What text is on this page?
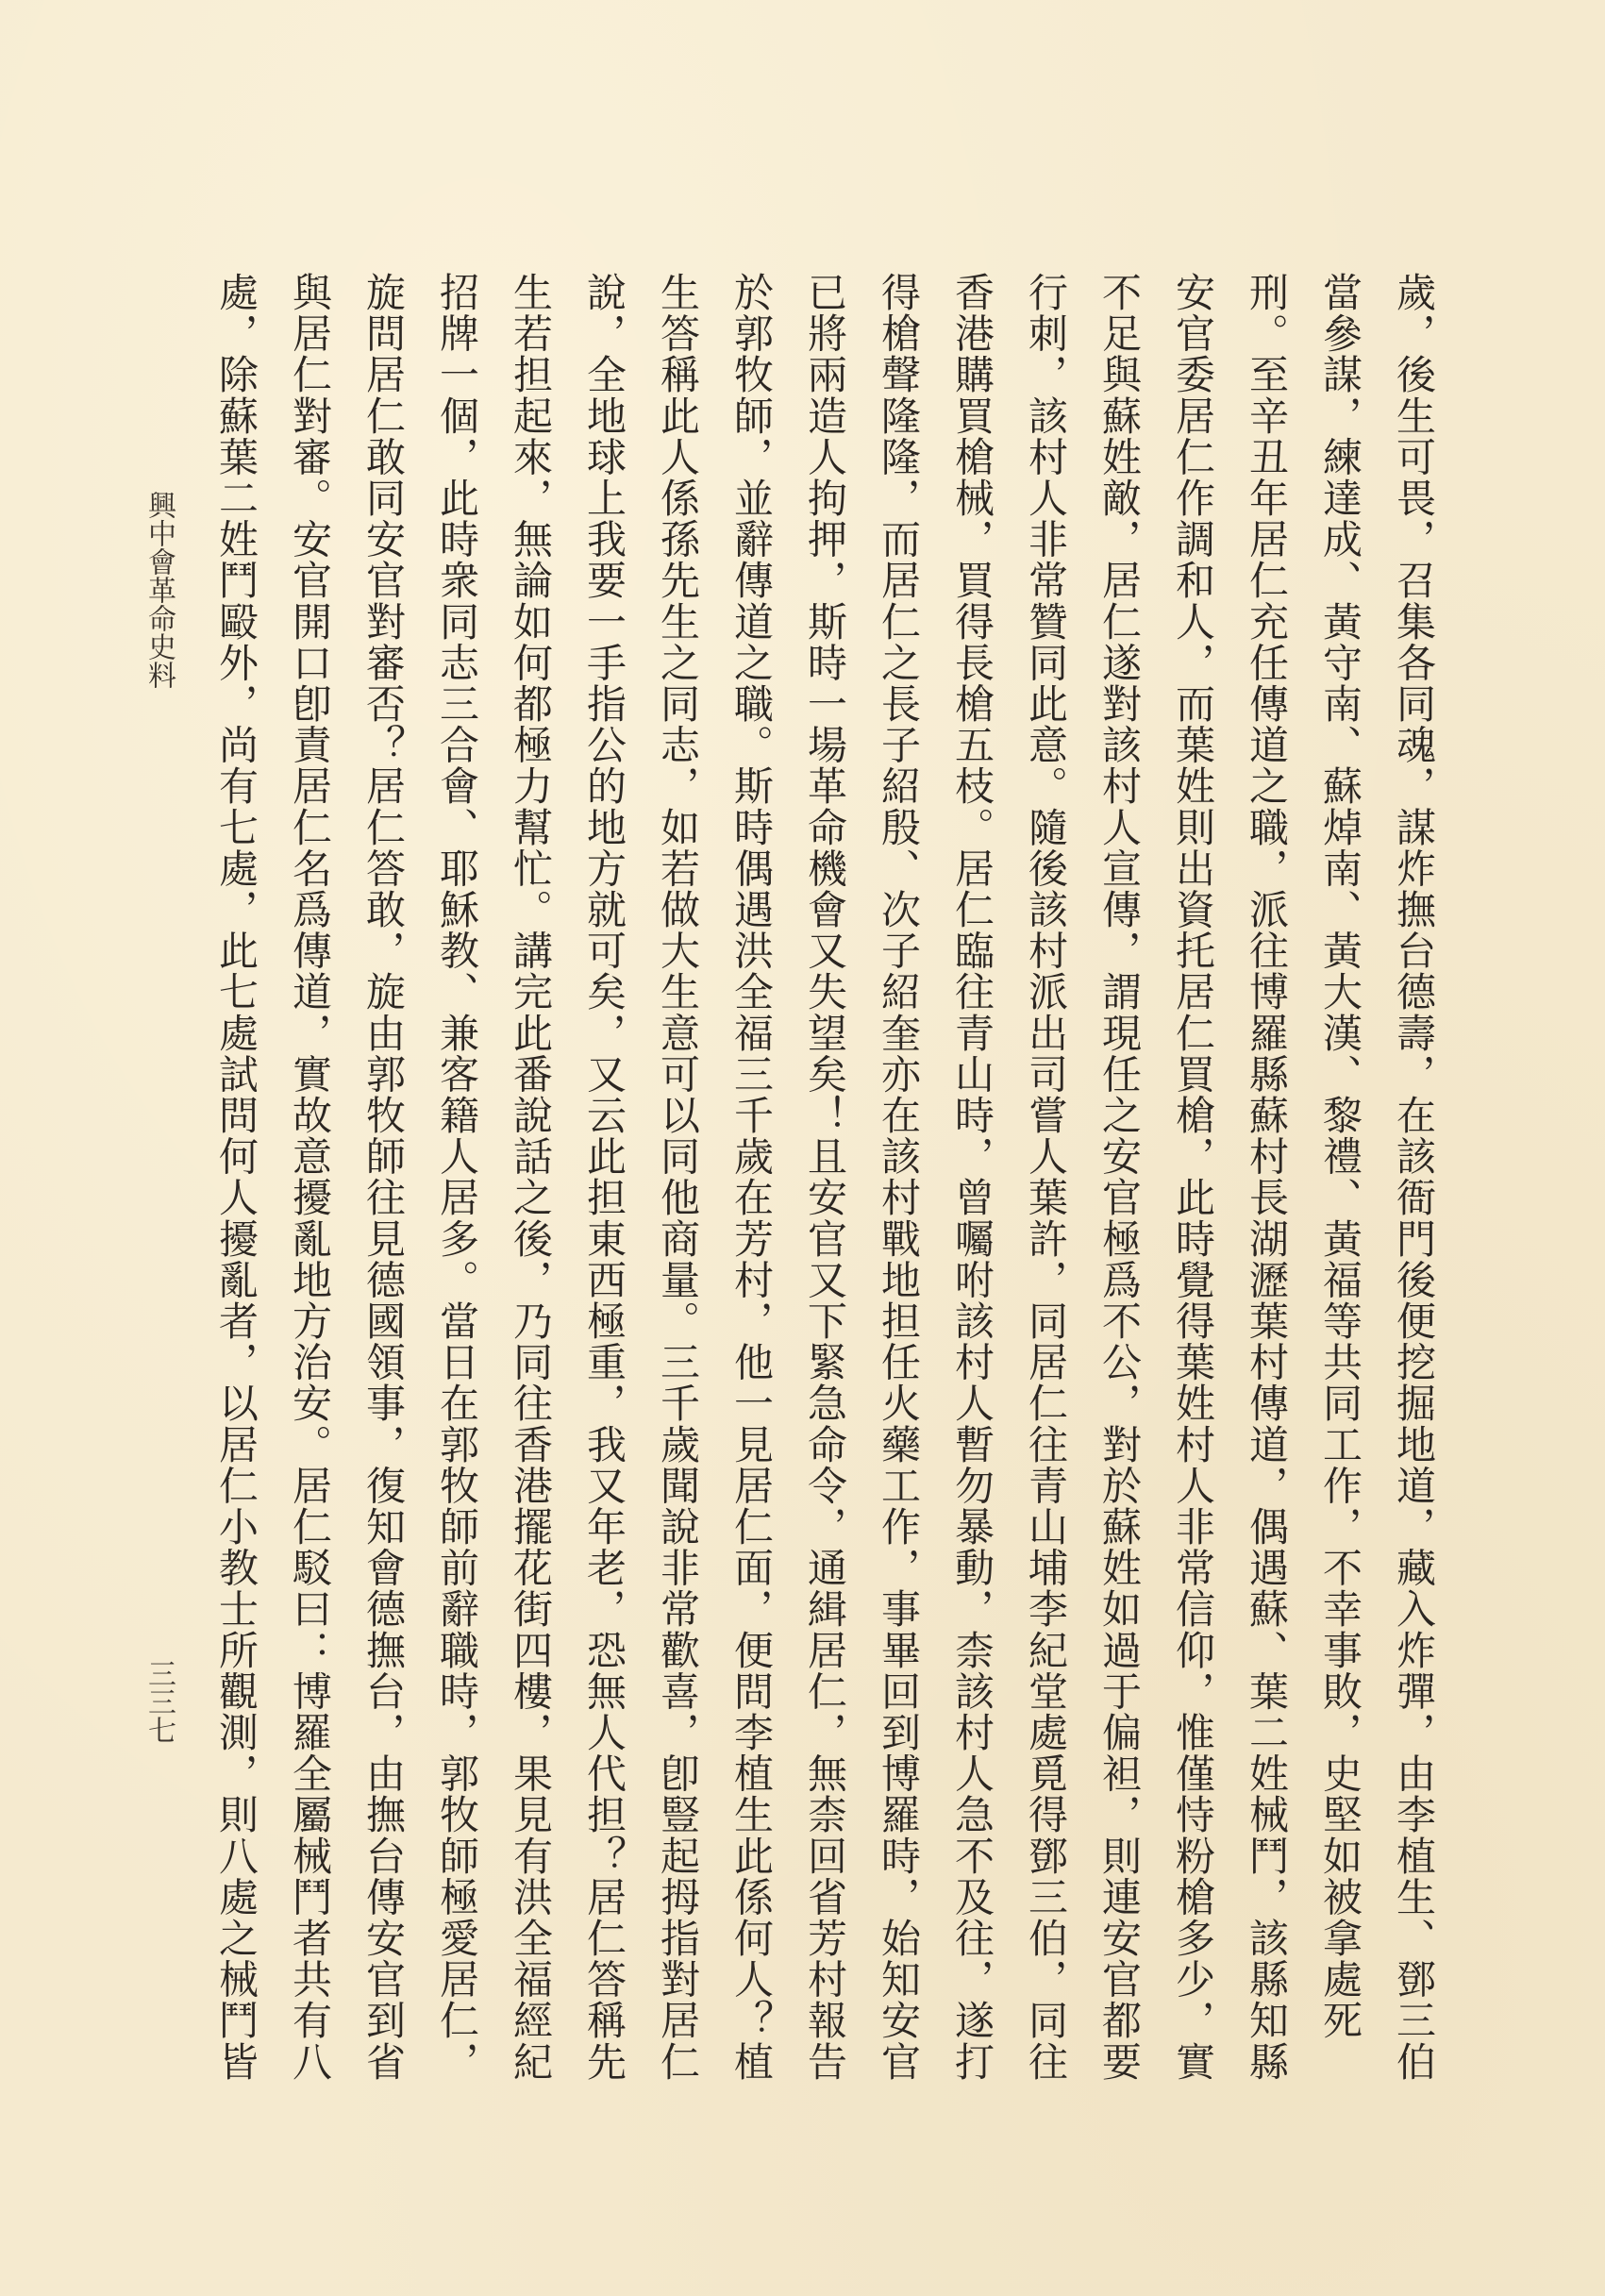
興中會革命史料
三三七	歲，後生可畏，召集各同魂，謀炸撫台德壽，在該衙門後便挖掘地道，藏入炸彈，由李植生、鄧三伯
當參謀，練達成、黃守南、蘇焯南、黃大漢、黎禮、黃福等共同工作，不幸事敗，史堅如被拿處死
刑。至辛丑年居仁充任傳道之職，派往博羅縣蘇村長湖瀝葉村傳道，偶遇蘇、葉二姓械鬥，該縣知縣
安官委居仁作調和人，而葉姓則出資托居仁買槍，此時覺得葉姓村人非常信仰，惟僅恃粉槍多少，實
不足與蘇姓敵，居仁遂對該村人宣傳，謂現任之安官極爲不公，對於蘇姓如過于偏袒，則連安官都要
行刺，該村人非常贊同此意。隨後該村派出司嘗人葉許，同居仁往青山埔李紀堂處覓得鄧三伯，同往
香港購買槍械，買得長槍五枝。居仁臨往青山時，曾囑咐該村人暫勿暴動，柰該村人急不及往，遂打
得槍聲隆隆，而居仁之長子紹殷、次子紹奎亦在該村戰地担任火藥工作，事畢回到博羅時，始知安官
已將兩造人拘押，斯時一場革命機會又失望矣！且安官又下緊急命令，通緝居仁，無柰回省芳村報告
於郭牧師，並辭傳道之職。斯時偶遇洪全福三千歲在芳村，他一見居仁面，便問李植生此係何人？植
生答稱此人係孫先生之同志，如若做大生意可以同他商量。三千歲聞說非常歡喜，卽豎起拇指對居仁
說，全地球上我要一手指公的地方就可矣，又云此担東西極重，我又年老，恐無人代担？居仁答稱先
生若担起來，無論如何都極力幫忙。講完此番說話之後，乃同往香港擺花街四樓，果見有洪全福經紀
招牌一個，此時衆同志三合會、耶穌教、兼客籍人居多。當日在郭牧師前辭職時，郭牧師極愛居仁，
旋問居仁敢同安官對審否？居仁答敢，旋由郭牧師往見德國領事，復知會德撫台，由撫台傳安官到省
與居仁對審。安官開口卽責居仁名爲傳道，實故意擾亂地方治安。居仁駁曰：博羅全屬械鬥者共有八
處，除蘇葉二姓鬥毆外，尚有七處，此七處試問何人擾亂者，以居仁小教士所觀測，則八處之械鬥皆
